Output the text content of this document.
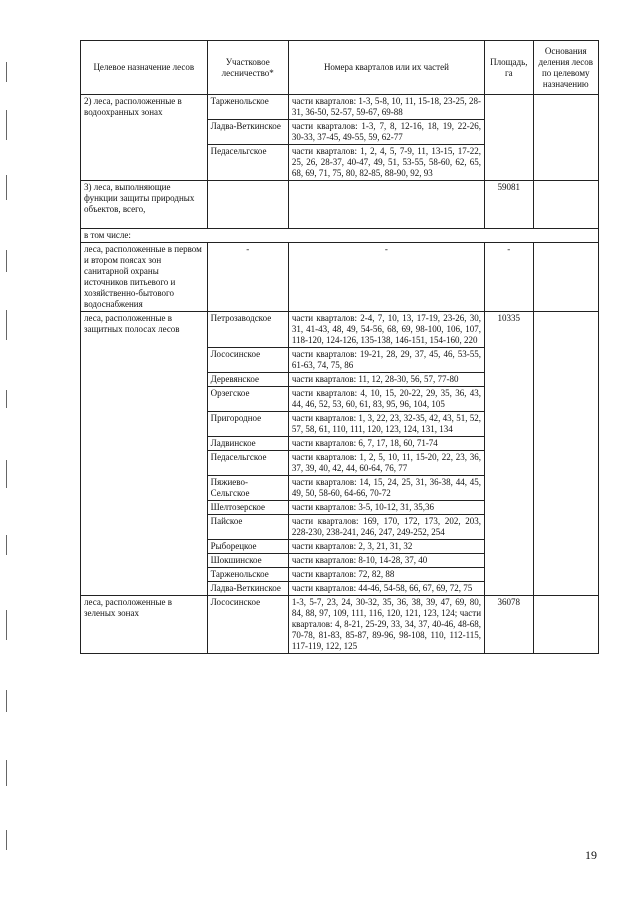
Целевое назначение лесов	Участковое лесничество*	Номера кварталов или их частей	Площадь, га	Основания деления лесов по целевому назначению
2) леса, расположенные в водоохранных зонах	Тарженольское	части кварталов: 1-3, 5-8, 10, 11, 15-18, 23-25, 28-31, 36-50, 52-57, 59-67, 69-88		
	Ладва-Веткинское	части кварталов: 1-3, 7, 8, 12-16, 18, 19, 22-26, 30-33, 37-45, 49-55, 59, 62-77		
	Педасельгское	части кварталов: 1, 2, 4, 5, 7-9, 11, 13-15, 17-22, 25, 26, 28-37, 40-47, 49, 51, 53-55, 58-60, 62, 65, 68, 69, 71, 75, 80, 82-85, 88-90, 92, 93		
3) леса, выполняющие функции защиты природных объектов, всего,			59081	
в том числе:				
леса, расположенные в первом и втором поясах зон санитарной охраны источников питьевого и хозяйственно-бытового водоснабжения	-	-	-	
леса, расположенные в защитных полосах лесов	Петрозаводское	части кварталов: 2-4, 7, 10, 13, 17-19, 23-26, 30, 31, 41-43, 48, 49, 54-56, 68, 69, 98-100, 106, 107, 118-120, 124-126, 135-138, 146-151, 154-160, 220	10335	
	Лососинское	части кварталов: 19-21, 28, 29, 37, 45, 46, 53-55, 61-63, 74, 75, 86		
	Деревянское	части кварталов: 11, 12, 28-30, 56, 57, 77-80		
	Орзегское	части кварталов: 4, 10, 15, 20-22, 29, 35, 36, 43, 44, 46, 52, 53, 60, 61, 83, 95, 96, 104, 105		
	Пригородное	части кварталов: 1, 3, 22, 23, 32-35, 42, 43, 51, 52, 57, 58, 61, 110, 111, 120, 123, 124, 131, 134		
	Ладвинское	части кварталов: 6, 7, 17, 18, 60, 71-74		
	Педасельгское	части кварталов: 1, 2, 5, 10, 11, 15-20, 22, 23, 36, 37, 39, 40, 42, 44, 60-64, 76, 77		
	Пяжиево-Сельгское	части кварталов: 14, 15, 24, 25, 31, 36-38, 44, 45, 49, 50, 58-60, 64-66, 70-72		
	Шелтозерское	части кварталов: 3-5, 10-12, 31, 35,36		
	Пайское	части кварталов: 169, 170, 172, 173, 202, 203, 228-230, 238-241, 246, 247, 249-252, 254		
	Рыборецкое	части кварталов: 2, 3, 21, 31, 32		
	Шокшинское	части кварталов: 8-10, 14-28, 37, 40		
	Тарженольское	части кварталов: 72, 82, 88		
	Ладва-Веткинское	части кварталов: 44-46, 54-58, 66, 67, 69, 72, 75		
леса, расположенные в зеленых зонах	Лососинское	1-3, 5-7, 23, 24, 30-32, 35, 36, 38, 39, 47, 69, 80, 84, 88, 97, 109, 111, 116, 120, 121, 123, 124; части кварталов: 4, 8-21, 25-29, 33, 34, 37, 40-46, 48-68, 70-78, 81-83, 85-87, 89-96, 98-108, 110, 112-115, 117-119, 122, 125	36078	
19
